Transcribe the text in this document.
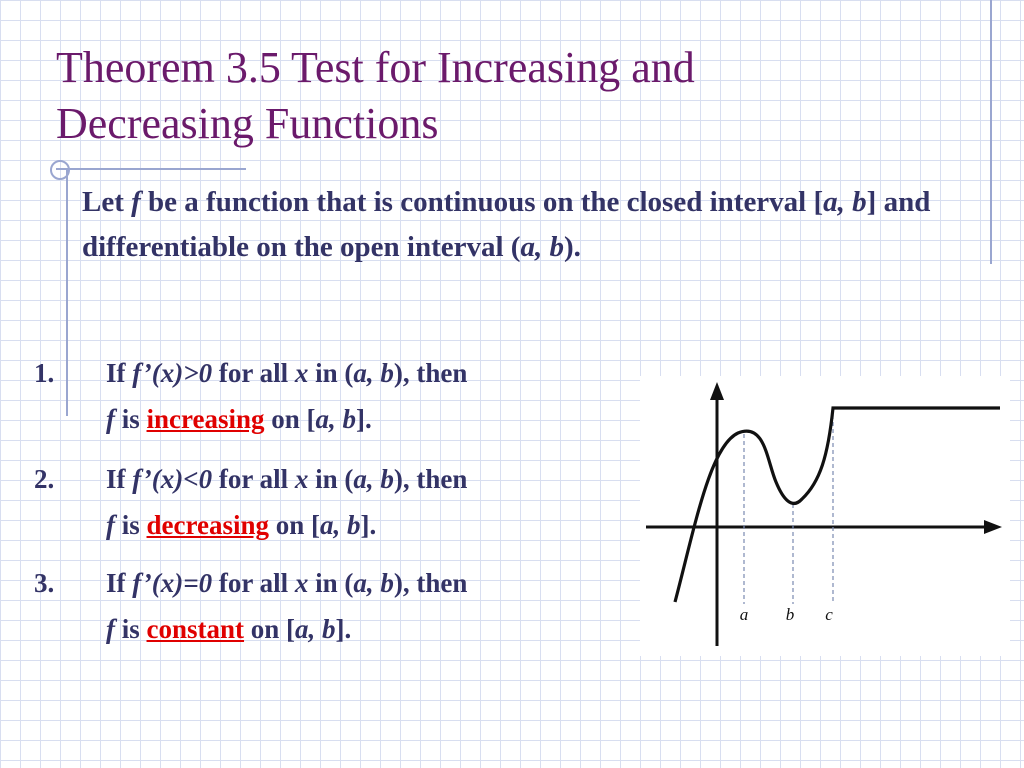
Theorem 3.5 Test for Increasing and
Decreasing Functions
Let f be a function that is continuous on the closed interval [a, b] and differentiable on the open interval (a, b).
1.	If f’(x)>0 for all x in (a, b), then
f is increasing on [a, b].
2.	If f’(x)<0 for all x in (a, b), then
f is decreasing on [a, b].
3.	If f’(x)=0 for all x in (a, b), then
f is constant on [a, b].	a b c
